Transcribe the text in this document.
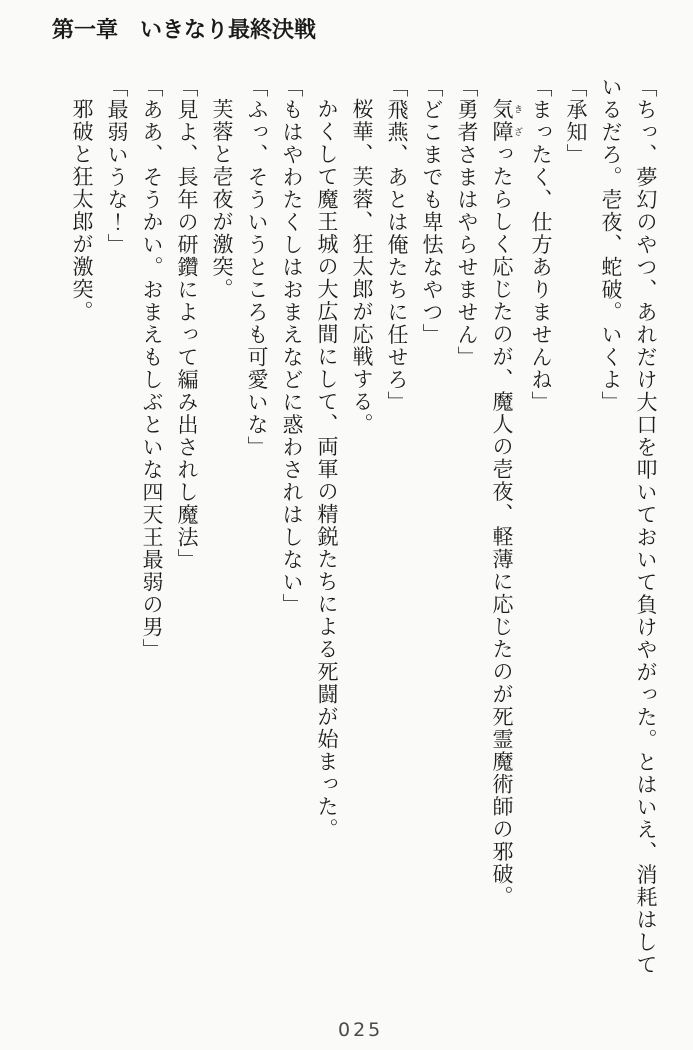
第一章　いきなり最終決戦
「ちっ、夢幻のやつ、あれだけ大口を叩いておいて負けやがった。とはいえ、消耗はして
いるだろ。壱夜、蛇破。いくよ」
「承知」
「まったく、仕方ありませんね」
気障 きざったらしく応じたのが、魔人の壱夜、軽薄に応じたのが死霊魔術師の邪破。
「勇者さまはやらせません」
「どこまでも卑怯なやつ」
「飛燕、あとは俺たちに任せろ」
桜華、芙蓉、狂太郎が応戦する。
かくして魔王城の大広間にして、両軍の精鋭たちによる死闘が始まった。
「もはやわたくしはおまえなどに惑わされはしない」
「ふっ、そういうところも可愛いな」
芙蓉と壱夜が激突。
「見よ、長年の研鑽によって編み出されし魔法」
「ああ、そうかい。おまえもしぶといな四天王最弱の男」
「最弱いうな！」
邪破と狂太郎が激突。
025
